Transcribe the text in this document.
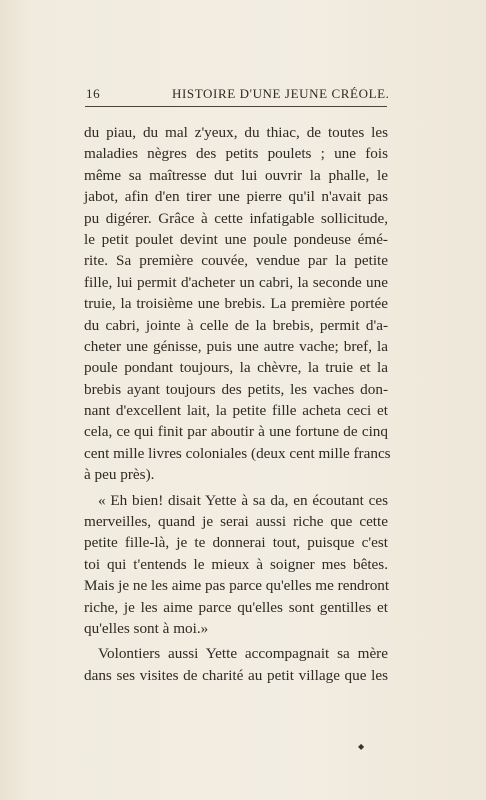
16	HISTOIRE D'UNE JEUNE CRÉOLE.
du piau, du mal z'yeux, du thiac, de toutes les
maladies nègres des petits poulets ; une fois
même sa maîtresse dut lui ouvrir la phalle, le
jabot, afin d'en tirer une pierre qu'il n'avait pas
pu digérer. Grâce à cette infatigable sollicitude,
le petit poulet devint une poule pondeuse émé-
rite. Sa première couvée, vendue par la petite
fille, lui permit d'acheter un cabri, la seconde une
truie, la troisième une brebis. La première portée
du cabri, jointe à celle de la brebis, permit d'a-
cheter une génisse, puis une autre vache; bref, la
poule pondant toujours, la chèvre, la truie et la
brebis ayant toujours des petits, les vaches don-
nant d'excellent lait, la petite fille acheta ceci et
cela, ce qui finit par aboutir à une fortune de cinq
cent mille livres coloniales (deux cent mille francs
à peu près).
« Eh bien! disait Yette à sa da, en écoutant ces
merveilles, quand je serai aussi riche que cette
petite fille-là, je te donnerai tout, puisque c'est
toi qui t'entends le mieux à soigner mes bêtes.
Mais je ne les aime pas parce qu'elles me rendront
riche, je les aime parce qu'elles sont gentilles et
qu'elles sont à moi.»
Volontiers aussi Yette accompagnait sa mère
dans ses visites de charité au petit village que les
◆
